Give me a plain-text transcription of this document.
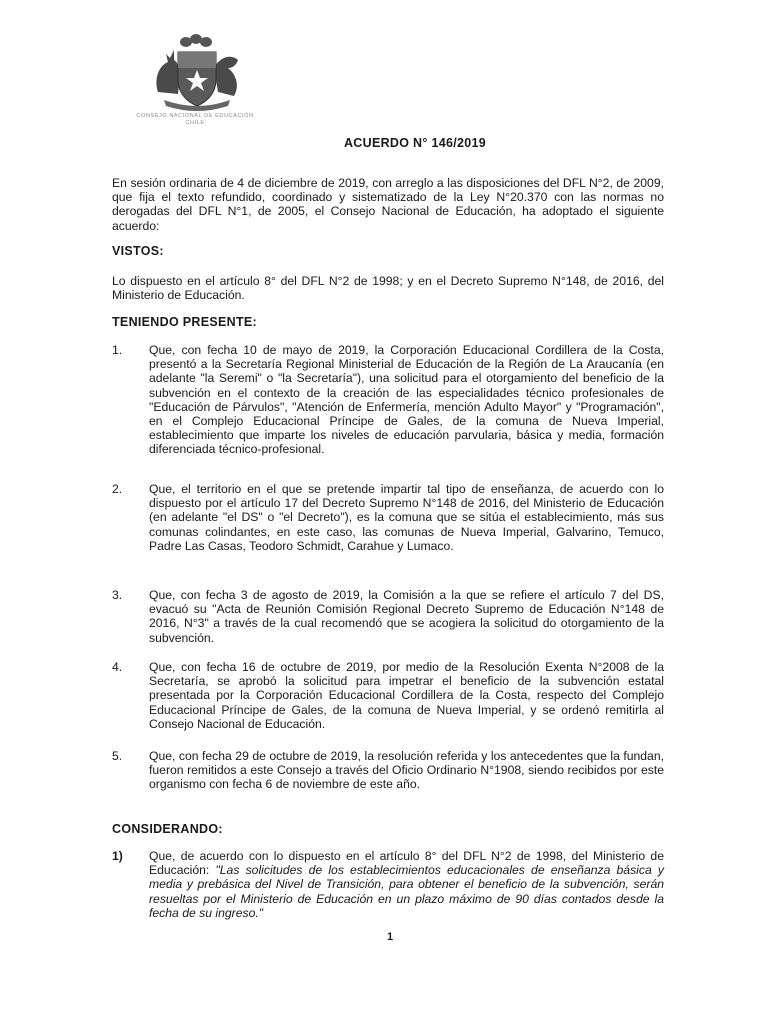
CONSEJO NACIONAL DE EDUCACIÓN
CHILE
ACUERDO N° 146/2019
En sesión ordinaria de 4 de diciembre de 2019, con arreglo a las disposiciones del DFL N°2, de 2009, que fija el texto refundido, coordinado y sistematizado de la Ley N°20.370 con las normas no derogadas del DFL N°1, de 2005, el Consejo Nacional de Educación, ha adoptado el siguiente acuerdo:
VISTOS:
Lo dispuesto en el artículo 8° del DFL N°2 de 1998; y en el Decreto Supremo N°148, de 2016, del Ministerio de Educación.
TENIENDO PRESENTE:
1.	Que, con fecha 10 de mayo de 2019, la Corporación Educacional Cordillera de la Costa, presentó a la Secretaría Regional Ministerial de Educación de la Región de La Araucanía (en adelante "la Seremi" o "la Secretaría"), una solicitud para el otorgamiento del beneficio de la subvención en el contexto de la creación de las especialidades técnico profesionales de "Educación de Párvulos", "Atención de Enfermería, mención Adulto Mayor" y "Programación", en el Complejo Educacional Príncipe de Gales, de la comuna de Nueva Imperial, establecimiento que imparte los niveles de educación parvularia, básica y media, formación diferenciada técnico-profesional.
2.	Que, el territorio en el que se pretende impartir tal tipo de enseñanza, de acuerdo con lo dispuesto por el artículo 17 del Decreto Supremo N°148 de 2016, del Ministerio de Educación (en adelante "el DS" o "el Decreto"), es la comuna que se sitúa el establecimiento, más sus comunas colindantes, en este caso, las comunas de Nueva Imperial, Galvarino, Temuco, Padre Las Casas, Teodoro Schmidt, Carahue y Lumaco.
3.	Que, con fecha 3 de agosto de 2019, la Comisión a la que se refiere el artículo 7 del DS, evacuó su "Acta de Reunión Comisión Regional Decreto Supremo de Educación N°148 de 2016, N°3" a través de la cual recomendó que se acogiera la solicitud do otorgamiento de la subvención.
4.	Que, con fecha 16 de octubre de 2019, por medio de la Resolución Exenta N°2008 de la Secretaría, se aprobó la solicitud para impetrar el beneficio de la subvención estatal presentada por la Corporación Educacional Cordillera de la Costa, respecto del Complejo Educacional Príncipe de Gales, de la comuna de Nueva Imperial, y se ordenó remitirla al Consejo Nacional de Educación.
5.	Que, con fecha 29 de octubre de 2019, la resolución referida y los antecedentes que la fundan, fueron remitidos a este Consejo a través del Oficio Ordinario N°1908, siendo recibidos por este organismo con fecha 6 de noviembre de este año.
CONSIDERANDO:
1)	Que, de acuerdo con lo dispuesto en el artículo 8° del DFL N°2 de 1998, del Ministerio de Educación: "Las solicitudes de los establecimientos educacionales de enseñanza básica y media y prebásica del Nivel de Transición, para obtener el beneficio de la subvención, serán resueltas por el Ministerio de Educación en un plazo máximo de 90 días contados desde la fecha de su ingreso."
1
